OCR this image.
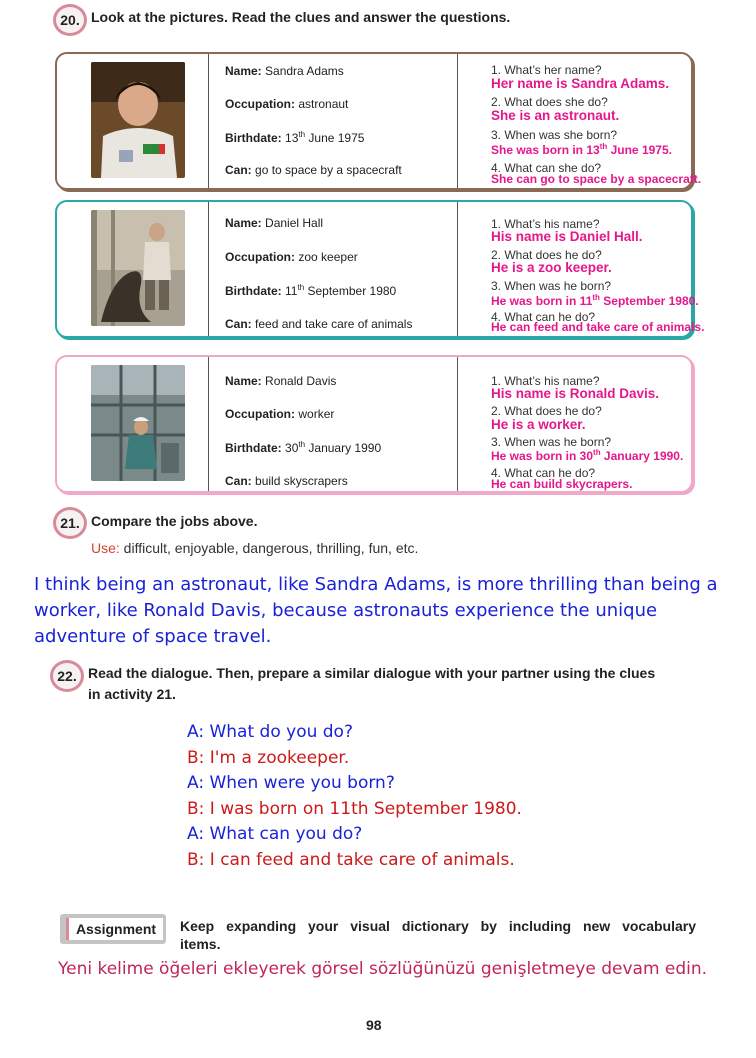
20. Look at the pictures. Read the clues and answer the questions.
Name: Sandra Adams
Occupation: astronaut
Birthdate: 13th June 1975
Can: go to space by a spacecraft
1. What’s her name?
Her name is Sandra Adams.
2. What does she do?
She is an astronaut.
3. When was she born?
She was born in 13th June 1975.
4. What can she do?
She can go to space by a spacecraft.
Name: Daniel Hall
Occupation: zoo keeper
Birthdate: 11th September 1980
Can: feed and take care of animals
1. What’s his name?
His name is Daniel Hall.
2. What does he do?
He is a zoo keeper.
3. When was he born?
He was born in 11th September 1980.
4. What can he do?
He can feed and take care of animals.
Name: Ronald Davis
Occupation: worker
Birthdate: 30th January 1990
Can: build skyscrapers
1. What’s his name?
His name is Ronald Davis.
2. What does he do?
He is a worker.
3. When was he born?
He was born in 30th January 1990.
4. What can he do?
He can build skycrapers.
21. Compare the jobs above.
Use: difficult, enjoyable, dangerous, thrilling, fun, etc.
I think being an astronaut, like Sandra Adams, is more thrilling than being a worker, like Ronald Davis, because astronauts experience the unique adventure of space travel.
22. Read the dialogue. Then, prepare a similar dialogue with your partner using the clues
in activity 21.
A: What do you do?
B: I'm a zookeeper.
A: When were you born?
B: I was born on 11th September 1980.
A: What can you do?
B: I can feed and take care of animals.
Assignment	Keep expanding your visual dictionary by including new vocabulary
items.
Yeni kelime öğeleri ekleyerek görsel sözlüğünüzü genişletmeye devam edin.
98
